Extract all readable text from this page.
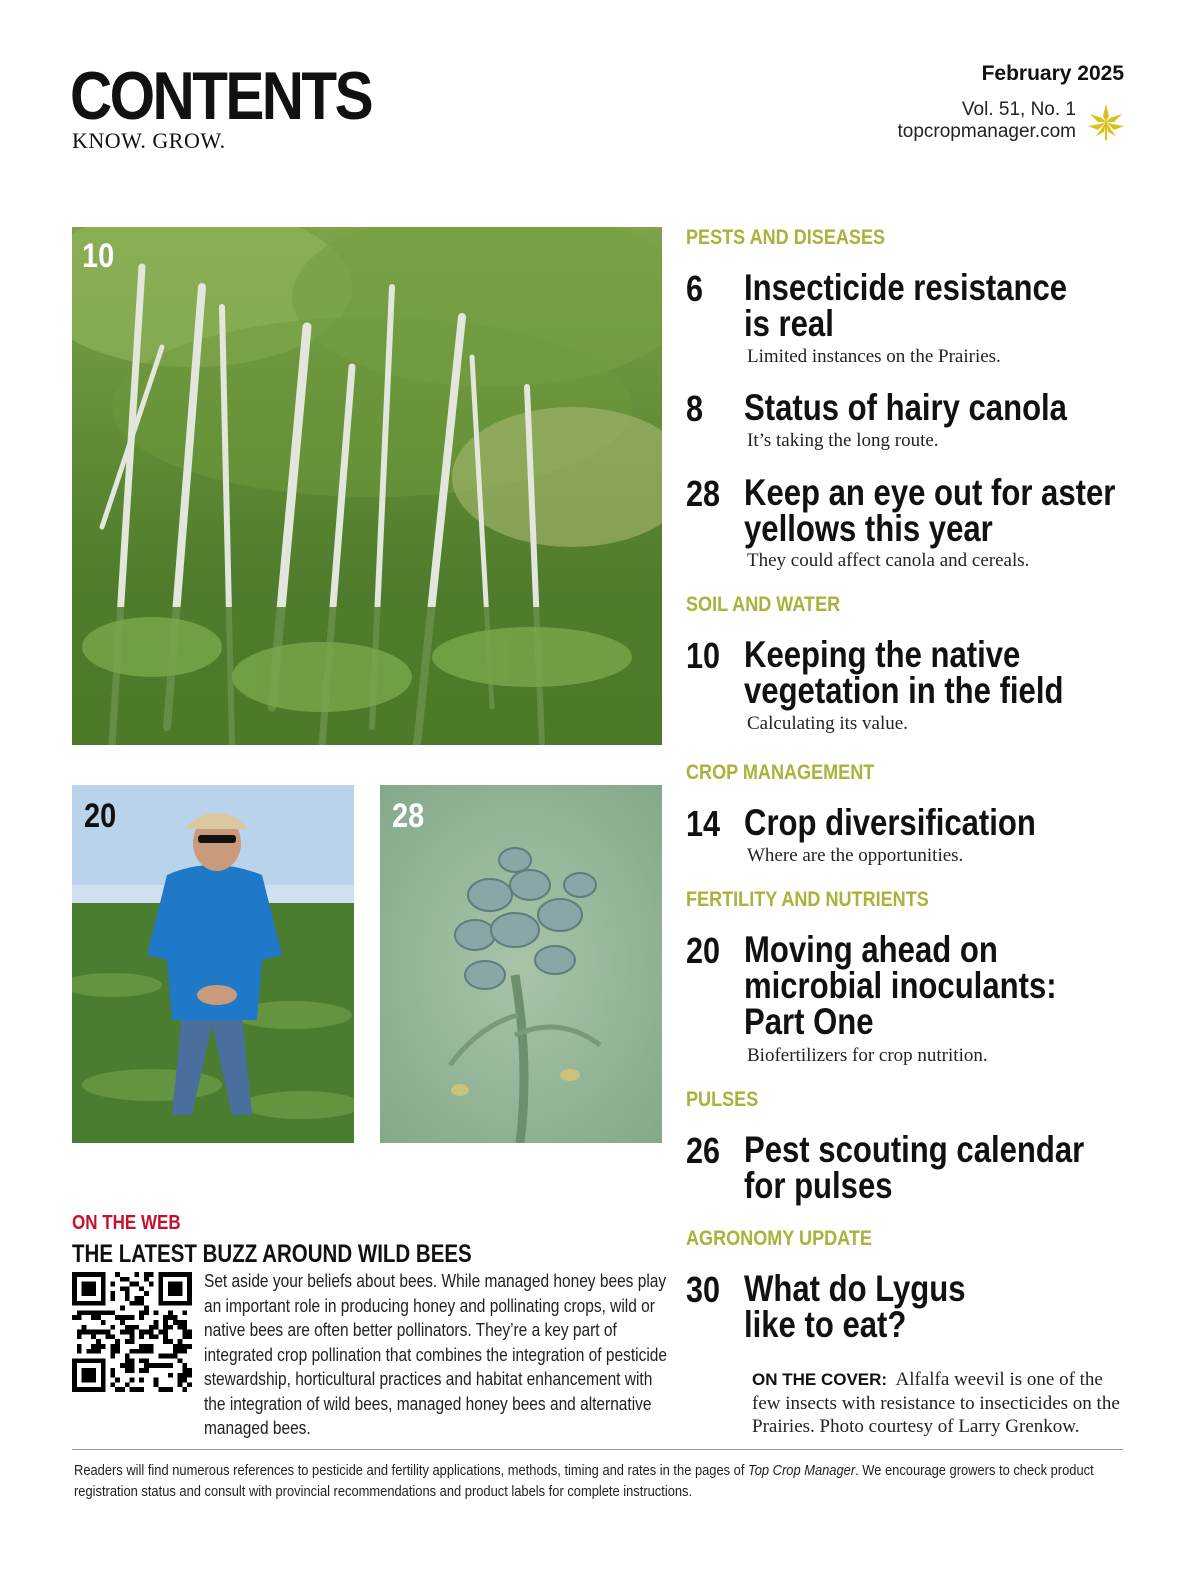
CONTENTS
KNOW. GROW.
February 2025
Vol. 51, No. 1
topcropmanager.com
10
20	28
PESTS AND DISEASES
6 Insecticide resistance is real
Limited instances on the Prairies.
8 Status of hairy canola
It’s taking the long route.
28 Keep an eye out for aster yellows this year
They could affect canola and cereals.
SOIL AND WATER
10 Keeping the native vegetation in the field
Calculating its value.
CROP MANAGEMENT
14 Crop diversification
Where are the opportunities.
FERTILITY AND NUTRIENTS
20 Moving ahead on microbial inoculants: Part One
Biofertilizers for crop nutrition.
PULSES
26 Pest scouting calendar for pulses
AGRONOMY UPDATE
30 What do Lygus like to eat?
ON THE WEB
THE LATEST BUZZ AROUND WILD BEES
Set aside your beliefs about bees. While managed honey bees play an important role in producing honey and pollinating crops, wild or native bees are often better pollinators. They’re a key part of integrated crop pollination that combines the integration of pesticide stewardship, horticultural practices and habitat enhancement with the integration of wild bees, managed honey bees and alternative managed bees.
ON THE COVER: Alfalfa weevil is one of the few insects with resistance to insecticides on the Prairies. Photo courtesy of Larry Grenkow.
Readers will find numerous references to pesticide and fertility applications, methods, timing and rates in the pages of Top Crop Manager. We encourage growers to check product registration status and consult with provincial recommendations and product labels for complete instructions.
